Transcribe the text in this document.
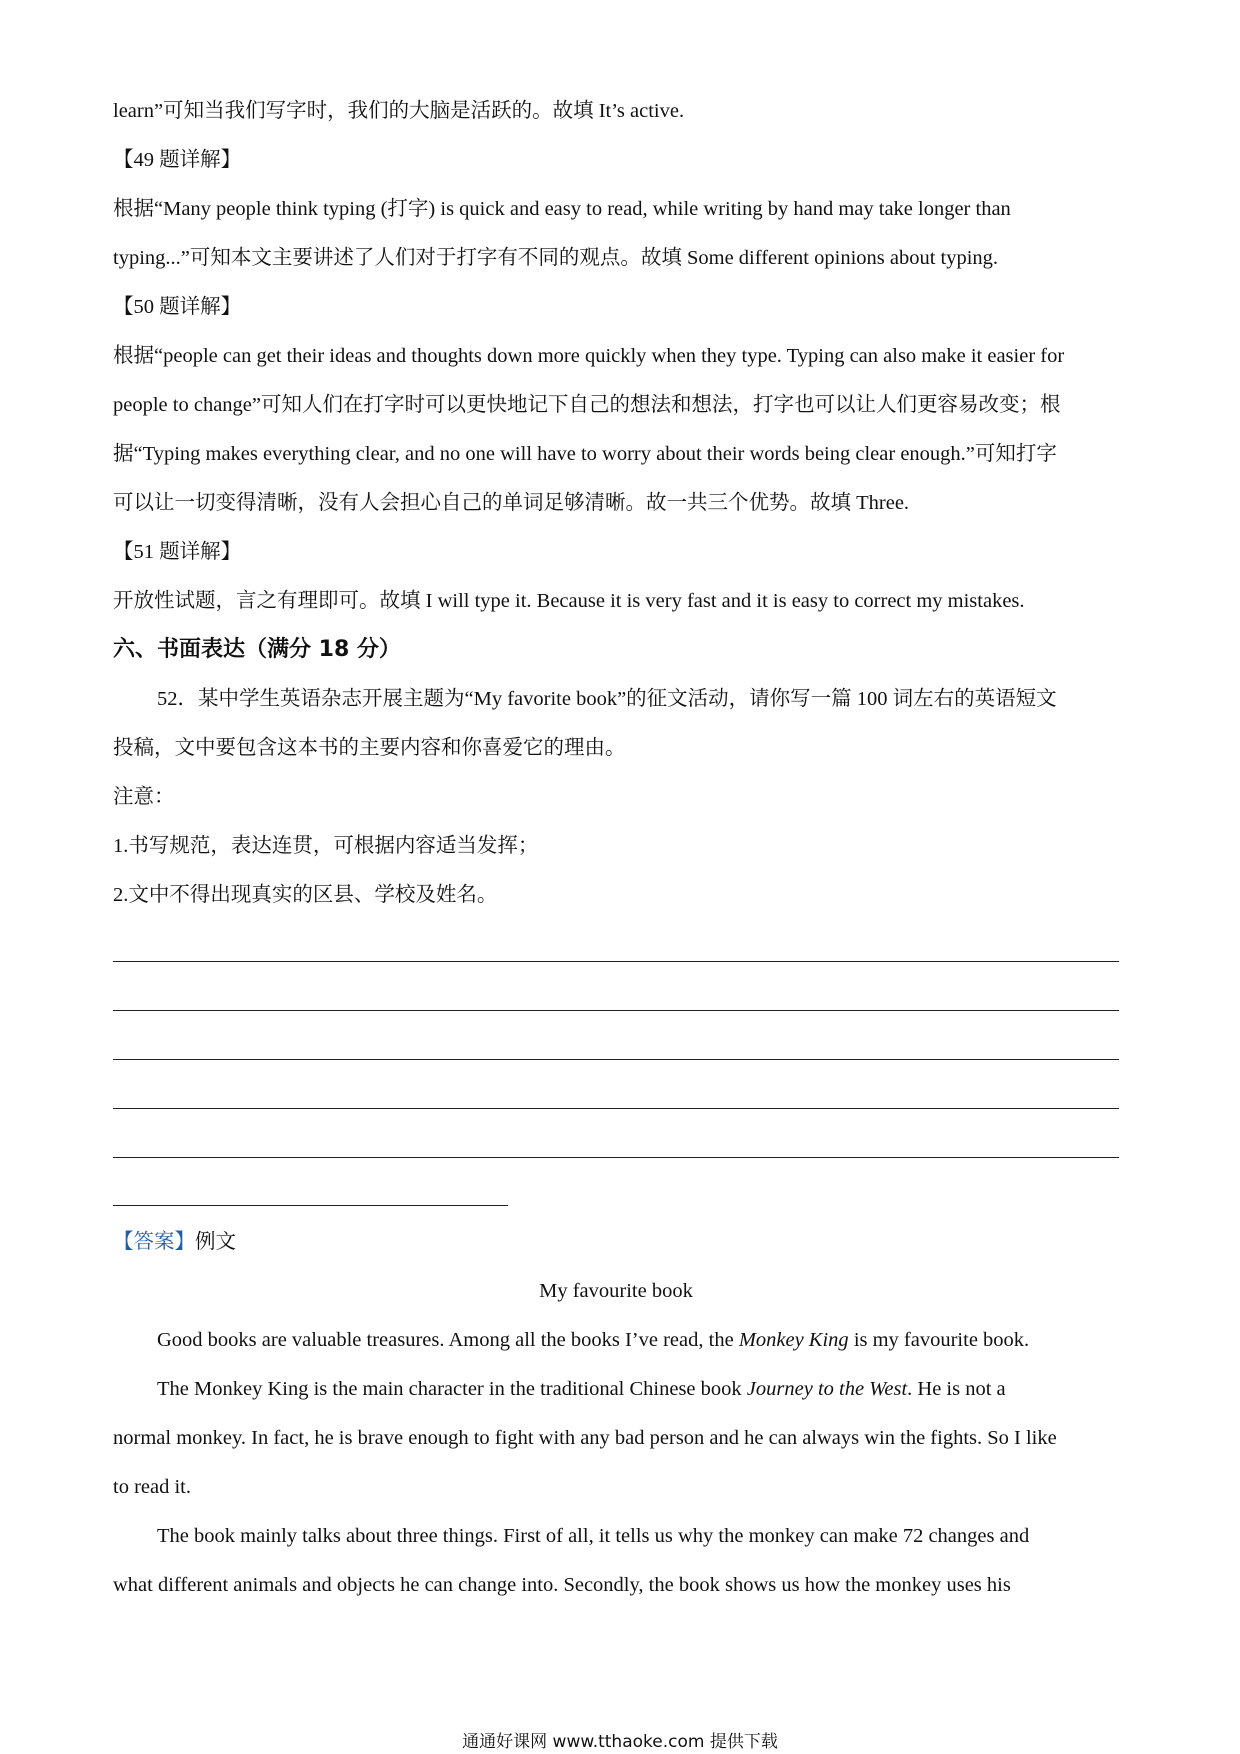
learn”可知当我们写字时，我们的大脑是活跃的。故填 It’s active.
【49 题详解】
根据“Many people think typing (打字) is quick and easy to read, while writing by hand may take longer than
typing...”可知本文主要讲述了人们对于打字有不同的观点。故填 Some different opinions about typing.
【50 题详解】
根据“people can get their ideas and thoughts down more quickly when they type. Typing can also make it easier for
people to change”可知人们在打字时可以更快地记下自己的想法和想法，打字也可以让人们更容易改变；根
据“Typing makes everything clear, and no one will have to worry about their words being clear enough.”可知打字
可以让一切变得清晰，没有人会担心自己的单词足够清晰。故一共三个优势。故填 Three.
【51 题详解】
开放性试题，言之有理即可。故填 I will type it. Because it is very fast and it is easy to correct my mistakes.
六、书面表达（满分 18 分）
52．某中学生英语杂志开展主题为“My favorite book”的征文活动，请你写一篇 100 词左右的英语短文
投稿，文中要包含这本书的主要内容和你喜爱它的理由。
注意：
1.书写规范，表达连贯，可根据内容适当发挥；
2.文中不得出现真实的区县、学校及姓名。
【答案】例文
My favourite book
Good books are valuable treasures. Among all the books I’ve read, the Monkey King is my favourite book.
The Monkey King is the main character in the traditional Chinese book Journey to the West. He is not a
normal monkey. In fact, he is brave enough to fight with any bad person and he can always win the fights. So I like
to read it.
The book mainly talks about three things. First of all, it tells us why the monkey can make 72 changes and
what different animals and objects he can change into. Secondly, the book shows us how the monkey uses his
通通好课网 www.tthaoke.com 提供下载
